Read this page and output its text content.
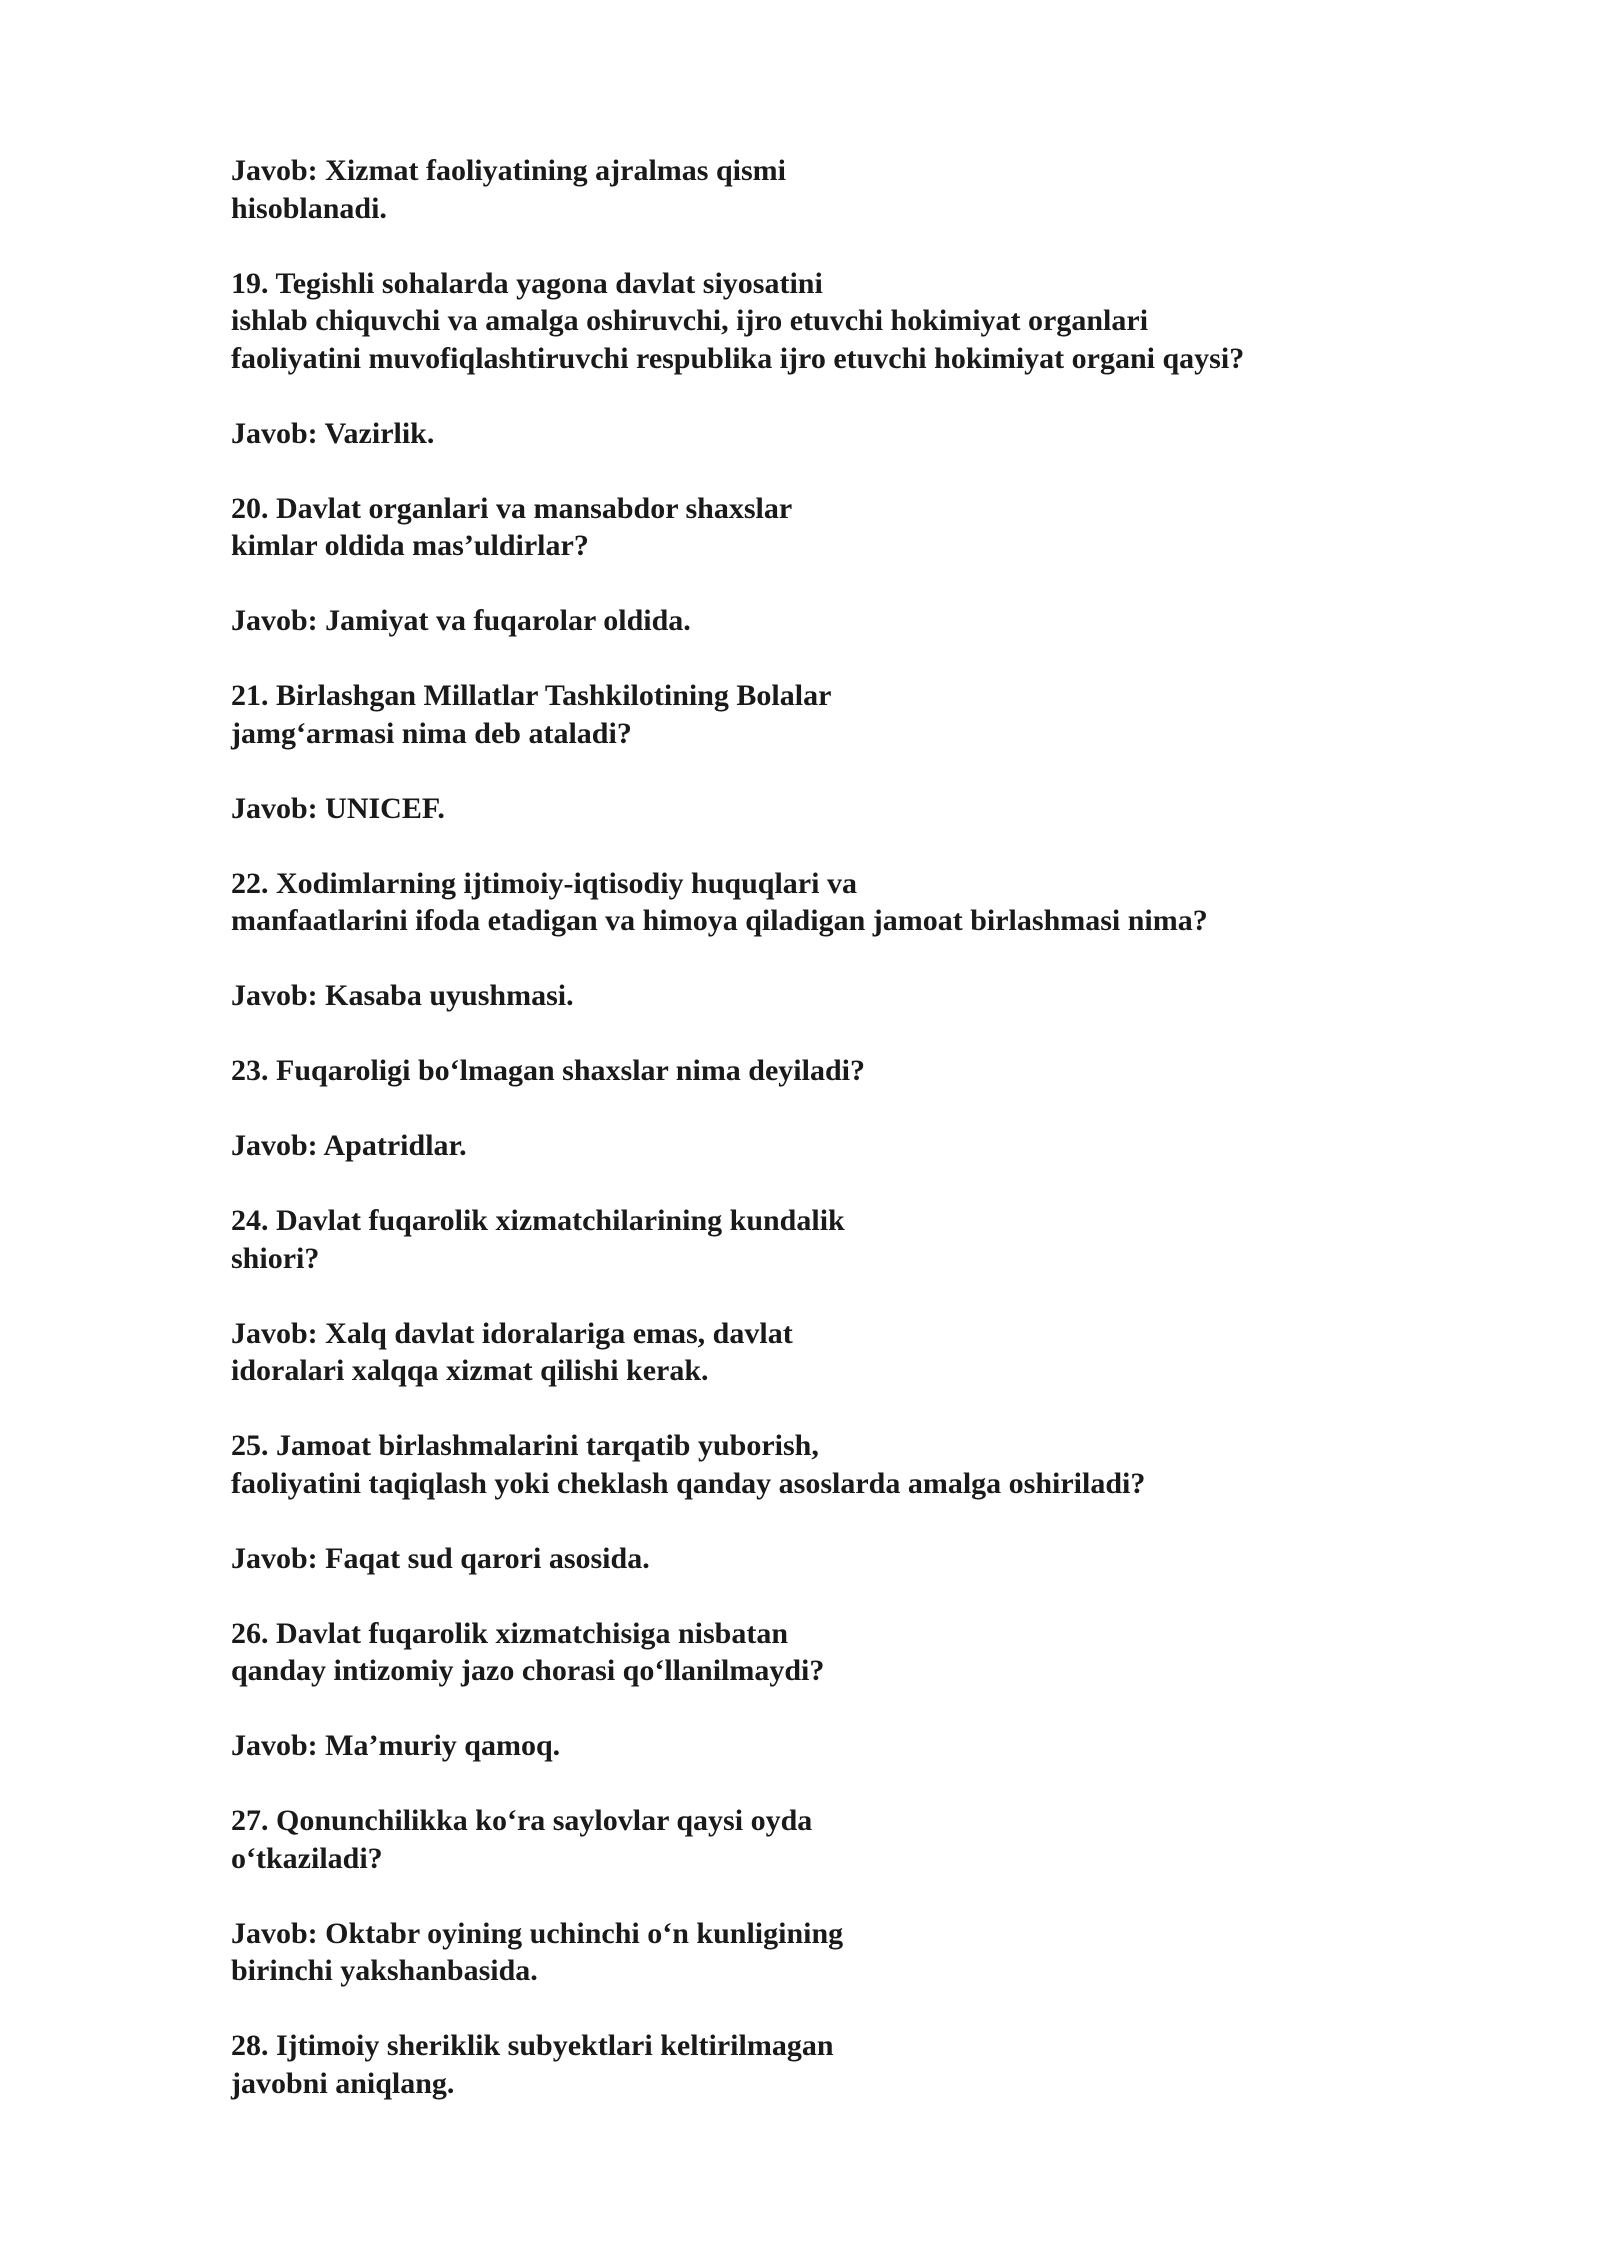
Javob: Xizmat faoliyatining ajralmas qismi
hisoblanadi.
19. Tegishli sohalarda yagona davlat siyosatini
ishlab chiquvchi va amalga oshiruvchi, ijro etuvchi hokimiyat organlari
faoliyatini muvofiqlashtiruvchi respublika ijro etuvchi hokimiyat organi qaysi?
Javob: Vazirlik.
20. Davlat organlari va mansabdor shaxslar
kimlar oldida mas’uldirlar?
Javob: Jamiyat va fuqarolar oldida.
21. Birlashgan Millatlar Tashkilotining Bolalar
jamg‘armasi nima deb ataladi?
Javob: UNICEF.
22. Xodimlarning ijtimoiy-iqtisodiy huquqlari va
manfaatlarini ifoda etadigan va himoya qiladigan jamoat birlashmasi nima?
Javob: Kasaba uyushmasi.
23. Fuqaroligi bo‘lmagan shaxslar nima deyiladi?
Javob: Apatridlar.
24. Davlat fuqarolik xizmatchilarining kundalik
shiori?
Javob: Xalq davlat idoralariga emas, davlat
idoralari xalqqa xizmat qilishi kerak.
25. Jamoat birlashmalarini tarqatib yuborish,
faoliyatini taqiqlash yoki cheklash qanday asoslarda amalga oshiriladi?
Javob: Faqat sud qarori asosida.
26. Davlat fuqarolik xizmatchisiga nisbatan
qanday intizomiy jazo chorasi qo‘llanilmaydi?
Javob: Ma’muriy qamoq.
27. Qonunchilikka ko‘ra saylovlar qaysi oyda
o‘tkaziladi?
Javob: Oktabr oyining uchinchi o‘n kunligining
birinchi yakshanbasida.
28. Ijtimoiy sheriklik subyektlari keltirilmagan
javobni aniqlang.
